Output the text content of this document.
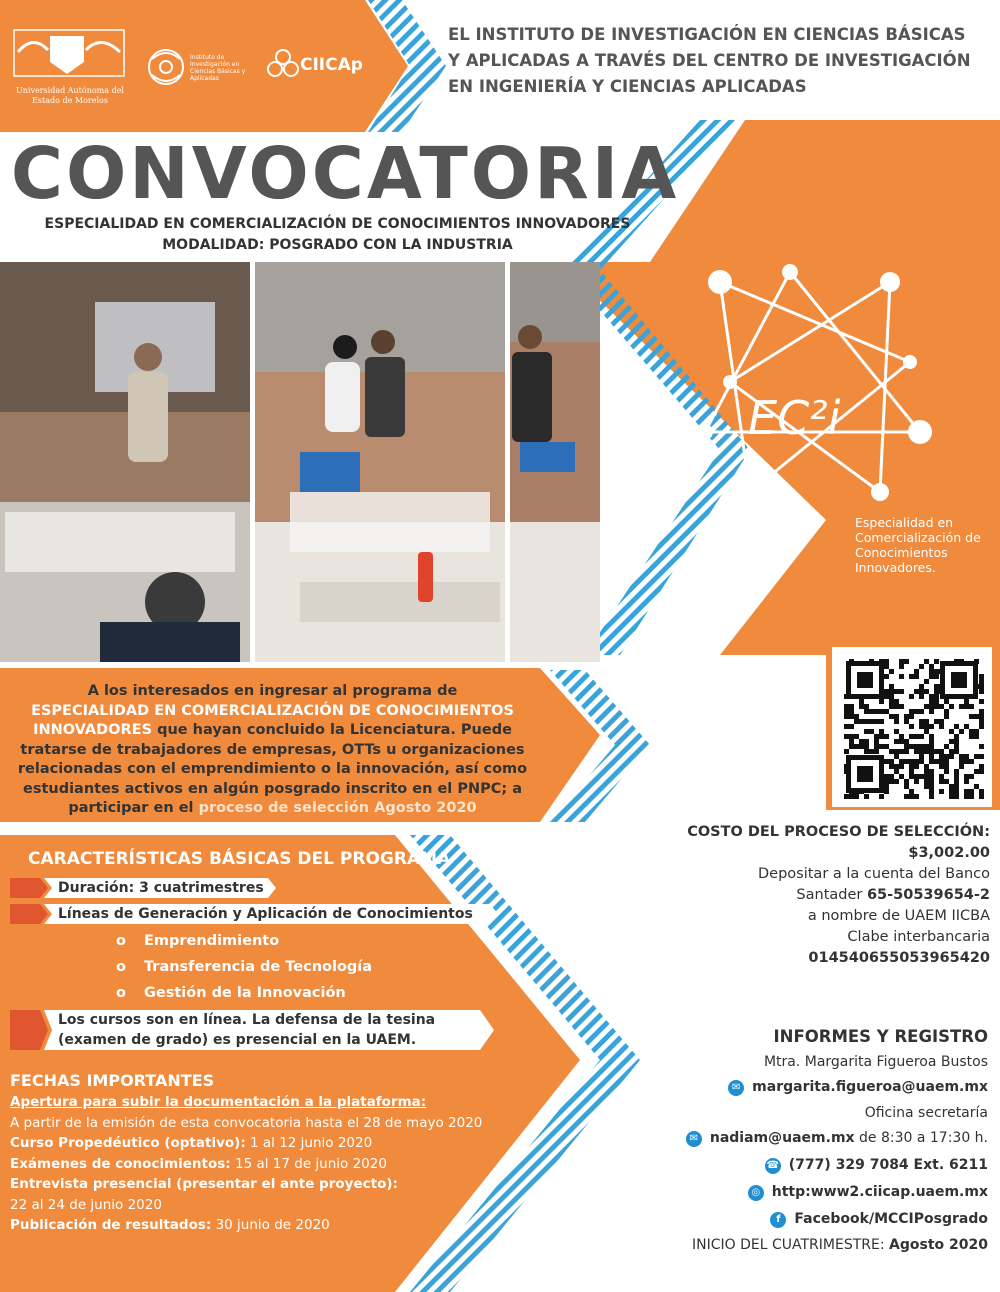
Universidad Autónoma del Estado de Morelos
Instituto de Investigación en Ciencias Básicas y Aplicadas
CIICAp
EL INSTITUTO DE INVESTIGACIÓN EN CIENCIAS BÁSICAS
Y APLICADAS A TRAVÉS DEL CENTRO DE INVESTIGACIÓN
EN INGENIERÍA Y CIENCIAS APLICADAS
CONVOCATORIA
ESPECIALIDAD EN COMERCIALIZACIÓN DE CONOCIMIENTOS INNOVADORES
MODALIDAD: POSGRADO CON LA INDUSTRIA
EC²i
®
Especialidad en Comercialización de Conocimientos Innovadores.
A los interesados en ingresar al programa de
ESPECIALIDAD EN COMERCIALIZACIÓN DE CONOCIMIENTOS INNOVADORES que hayan concluido la Licenciatura. Puede tratarse de trabajadores de empresas, OTTs u organizaciones relacionadas con el emprendimiento o la innovación, así como estudiantes activos en algún posgrado inscrito en el PNPC; a participar en el proceso de selección Agosto 2020
COSTO DEL PROCESO DE SELECCIÓN:
$3,002.00
Depositar a la cuenta del Banco
Santader 65-50539654-2
a nombre de UAEM IICBA
Clabe interbancaria
014540655053965420
CARACTERÍSTICAS BÁSICAS DEL PROGRAMA
Duración: 3 cuatrimestres
Líneas de Generación y Aplicación de Conocimientos
o Emprendimiento
o Transferencia de Tecnología
o Gestión de la Innovación
Los cursos son en línea. La defensa de la tesina
(examen de grado) es presencial en la UAEM.
FECHAS IMPORTANTES
Apertura para subir la documentación a la plataforma:
A partir de la emisión de esta convocatoria hasta el 28 de mayo 2020
Curso Propedéutico (optativo): 1 al 12 junio 2020
Exámenes de conocimientos: 15 al 17 de junio 2020
Entrevista presencial (presentar el ante proyecto):
22 al 24 de junio 2020
Publicación de resultados: 30 junio de 2020
INFORMES Y REGISTRO
Mtra. Margarita Figueroa Bustos
✉ margarita.figueroa@uaem.mx
Oficina secretaría
✉ nadiam@uaem.mx de 8:30 a 17:30 h.
☎ (777) 329 7084 Ext. 6211
◎ http:www2.ciicap.uaem.mx
f Facebook/MCCIPosgrado
INICIO DEL CUATRIMESTRE: Agosto 2020
